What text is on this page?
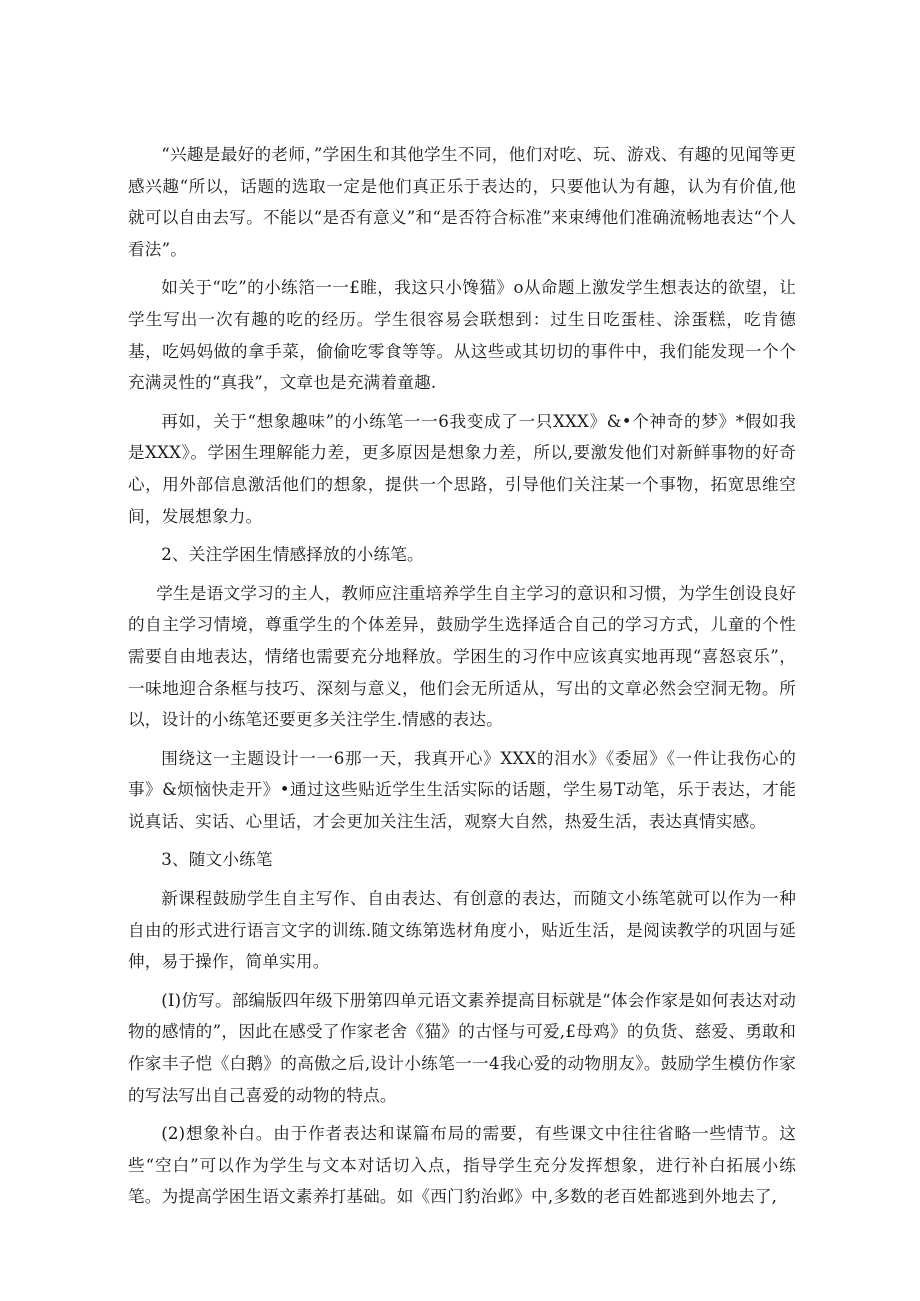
“兴趣是最好的老师，”学困生和其他学生不同，他们对吃、玩、游戏、有趣的见闻等更感兴趣“所以，话题的选取一定是他们真正乐于表达的，只要他认为有趣，认为有价值,他就可以自由去写。不能以“是否有意义”和“是否符合标准”来束缚他们准确流畅地表达“个人看法”。

如关于“吃”的小练箔一一£睢，我这只小馋猫》o从命题上激发学生想表达的欲望，让学生写出一次有趣的吃的经历。学生很容易会联想到：过生日吃蛋桂、涂蛋糕，吃肯德基，吃妈妈做的拿手菜，偷偷吃零食等等。从这些或其切切的事件中，我们能发现一个个充满灵性的“真我”，文章也是充满着童趣.

再如，关于“想象趣味”的小练笔一一6我变成了一只XXX》&•个神奇的梦》*假如我是XXX》。学困生理解能力差，更多原因是想象力差，所以,要激发他们对新鲜事物的好奇心，用外部信息激活他们的想象，提供一个思路，引导他们关注某一个事物，拓宽思维空间，发展想象力。

2、关注学困生情感择放的小练笔。

学生是语文学习的主人，教师应注重培养学生自主学习的意识和习惯，为学生创设良好的自主学习情境，尊重学生的个体差异，鼓励学生选择适合自己的学习方式，儿童的个性需要自由地表达，情绪也需要充分地释放。学困生的习作中应该真实地再现“喜怒哀乐”，一味地迎合条框与技巧、深刻与意义，他们会无所适从，写出的文章必然会空洞无物。所以，设计的小练笔还要更多关注学生.情感的表达。

围绕这一主题设计一一6那一天，我真开心》XXX的泪水》《委屈》《一件让我伤心的事》&烦恼快走开》•通过这些贴近学生生活实际的话题，学生易T动笔，乐于表达，才能说真话、实话、心里话，才会更加关注生活，观察大自然，热爱生活，表达真情实感。

3、随文小练笔

新课程鼓励学生自主写作、自由表达、有创意的表达，而随文小练笔就可以作为一种自由的形式进行语言文字的训练.随文练第选材角度小，贴近生活，是阅读教学的巩固与延伸，易于操作，简单实用。

(I)仿写。部编版四年级下册第四单元语文素养提高目标就是“体会作家是如何表达对动物的感情的”，因此在感受了作家老舍《猫》的古怪与可爱,£母鸡》的负货、慈爱、勇敢和作家丰子恺《白鹅》的高傲之后,设计小练笔一一4我心爱的动物朋友》。鼓励学生模仿作家的写法写出自己喜爱的动物的特点。

(2)想象补白。由于作者表达和谋篇布局的需要，有些课文中往往省略一些情节。这些“空白”可以作为学生与文本对话切入点，指导学生充分发挥想象，进行补白拓展小练笔。为提高学困生语文素养打基础。如《西门豹治邺》中,多数的老百姓都逃到外地去了,
